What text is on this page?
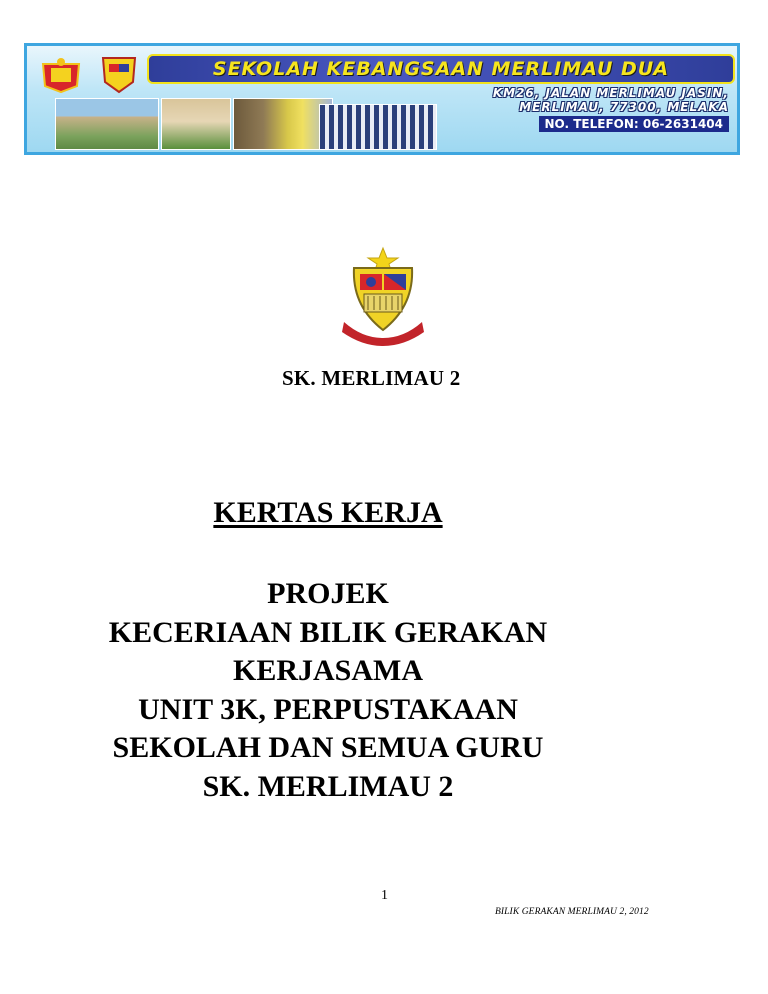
SEKOLAH KEBANGSAAN MERLIMAU DUA
KM26, JALAN MERLIMAU JASIN,
MERLIMAU, 77300, MELAKA
NO. TELEFON: 06-2631404
SK. MERLIMAU 2
KERTAS KERJA
PROJEK
KECERIAAN BILIK GERAKAN
KERJASAMA
UNIT 3K, PERPUSTAKAAN
SEKOLAH DAN SEMUA GURU
SK. MERLIMAU 2
1
BILIK GERAKAN MERLIMAU 2, 2012
